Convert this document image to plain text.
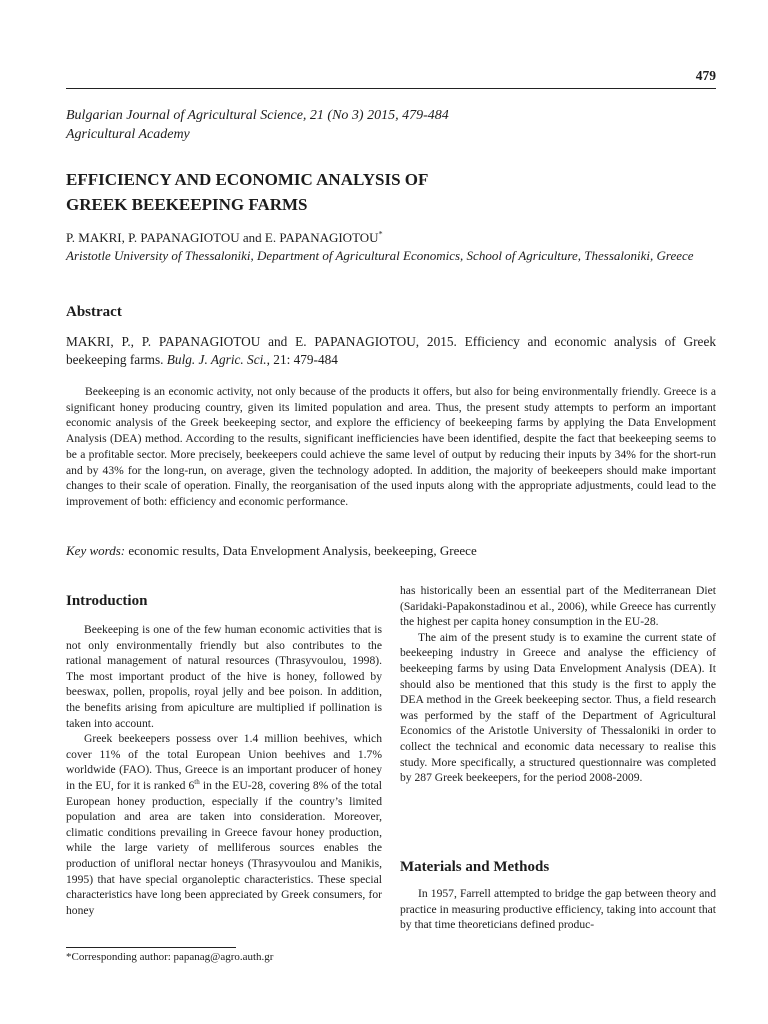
479
Bulgarian Journal of Agricultural Science, 21 (No 3) 2015, 479-484
Agricultural Academy
EFFICIENCY AND ECONOMIC ANALYSIS OF
GREEK BEEKEEPING FARMS
P. MAKRI, P. PAPANAGIOTOU and E. PAPANAGIOTOU*
Aristotle University of Thessaloniki, Department of Agricultural Economics, School of Agriculture, Thessaloniki, Greece
Abstract
MAKRI, P., P. PAPANAGIOTOU and E. PAPANAGIOTOU, 2015. Efficiency and economic analysis of Greek beekeeping farms. Bulg. J. Agric. Sci., 21: 479-484

Beekeeping is an economic activity, not only because of the products it offers, but also for being environmentally friendly. Greece is a significant honey producing country, given its limited population and area. Thus, the present study attempts to perform an important economic analysis of the Greek beekeeping sector, and explore the efficiency of beekeeping farms by applying the Data Envelopment Analysis (DEA) method. According to the results, significant inefficiencies have been identified, despite the fact that beekeeping seems to be a profitable sector. More precisely, beekeepers could achieve the same level of output by reducing their inputs by 34% for the short-run and by 43% for the long-run, on average, given the technology adopted. In addition, the majority of beekeepers should make important changes to their scale of operation. Finally, the reorganisation of the used inputs along with the appropriate adjustments, could lead to the improvement of both: efficiency and economic performance.

Key words: economic results, Data Envelopment Analysis, beekeeping, Greece
Introduction

Beekeeping is one of the few human economic activities that is not only environmentally friendly but also contributes to the rational management of natural resources (Thrasyvoulou, 1998). The most important product of the hive is honey, followed by beeswax, pollen, propolis, royal jelly and bee poison. In addition, the benefits arising from apiculture are multiplied if pollination is taken into account.

Greek beekeepers possess over 1.4 million beehives, which cover 11% of the total European Union beehives and 1.7% worldwide (FAO). Thus, Greece is an important producer of honey in the EU, for it is ranked 6th in the EU-28, covering 8% of the total European honey production, especially if the country’s limited population and area are taken into consideration. Moreover, climatic conditions prevailing in Greece favour honey production, while the large variety of melliferous sources enables the production of unifloral nectar honeys (Thrasyvoulou and Manikis, 1995) that have special organoleptic characteristics. These special characteristics have long been appreciated by Greek consumers, for honey

has historically been an essential part of the Mediterranean Diet (Saridaki-Papakonstadinou et al., 2006), while Greece has currently the highest per capita honey consumption in the EU-28.

The aim of the present study is to examine the current state of beekeeping industry in Greece and analyse the efficiency of beekeeping farms by using Data Envelopment Analysis (DEA). It should also be mentioned that this study is the first to apply the DEA method in the Greek beekeeping sector. Thus, a field research was performed by the staff of the Department of Agricultural Economics of the Aristotle University of Thessaloniki in order to collect the technical and economic data necessary to realise this study. More specifically, a structured questionnaire was completed by 287 Greek beekeepers, for the period 2008-2009.

Materials and Methods

In 1957, Farrell attempted to bridge the gap between theory and practice in measuring productive efficiency, taking into account that by that time theoreticians defined produc-

*Corresponding author: papanag@agro.auth.gr
